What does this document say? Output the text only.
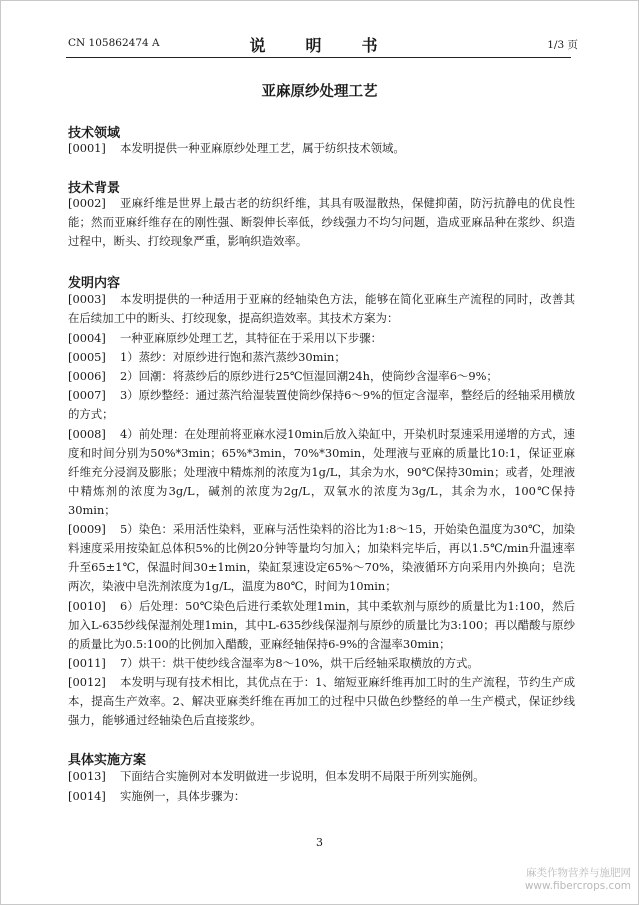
CN 105862474 A	说　明　书	1/3 页
亚麻原纱处理工艺
技术领域
[0001]	本发明提供一种亚麻原纱处理工艺，属于纺织技术领域。
技术背景
[0002]	亚麻纤维是世界上最古老的纺织纤维，其具有吸湿散热，保健抑菌，防污抗静电的优良性能；然而亚麻纤维存在的刚性强、断裂伸长率低，纱线强力不均匀问题，造成亚麻品种在浆纱、织造过程中，断头、打绞现象严重，影响织造效率。
发明内容
[0003]	本发明提供的一种适用于亚麻的经轴染色方法，能够在简化亚麻生产流程的同时，改善其在后续加工中的断头、打绞现象，提高织造效率。其技术方案为：
[0004]	一种亚麻原纱处理工艺，其特征在于采用以下步骤：
[0005]	1）蒸纱：对原纱进行饱和蒸汽蒸纱30min；
[0006]	2）回潮：将蒸纱后的原纱进行25℃恒湿回潮24h，使筒纱含湿率6～9%；
[0007]	3）原纱整经：通过蒸汽给湿装置使筒纱保持6～9%的恒定含湿率，整经后的经轴采用横放的方式；
[0008]	4）前处理：在处理前将亚麻水浸10min后放入染缸中，开染机时泵速采用递增的方式，速度和时间分别为50%*3min；65%*3min，70%*30min，处理液与亚麻的质量比10:1，保证亚麻纤维充分浸润及膨胀；处理液中精炼剂的浓度为1g/L，其余为水，90℃保持30min；或者，处理液中精炼剂的浓度为3g/L，碱剂的浓度为2g/L，双氧水的浓度为3g/L，其余为水，100℃保持30min；
[0009]	5）染色：采用活性染料，亚麻与活性染料的浴比为1:8～15，开始染色温度为30℃，加染料速度采用按染缸总体积5%的比例20分钟等量均匀加入；加染料完毕后，再以1.5℃/min升温速率升至65±1℃，保温时间30±1min，染缸泵速设定65%～70%，染液循环方向采用内外换向；皂洗两次，染液中皂洗剂浓度为1g/L，温度为80℃，时间为10min；
[0010]	6）后处理：50℃染色后进行柔软处理1min，其中柔软剂与原纱的质量比为1:100，然后加入L-635纱线保湿剂处理1min，其中L-635纱线保湿剂与原纱的质量比为3:100；再以醋酸与原纱的质量比为0.5:100的比例加入醋酸，亚麻经轴保持6-9%的含湿率30min；
[0011]	7）烘干：烘干使纱线含湿率为8～10%，烘干后经轴采取横放的方式。
[0012]	本发明与现有技术相比，其优点在于：1、缩短亚麻纤维再加工时的生产流程，节约生产成本，提高生产效率。2、解决亚麻类纤维在再加工的过程中只做色纱整经的单一生产模式，保证纱线强力，能够通过经轴染色后直接浆纱。
具体实施方案
[0013]	下面结合实施例对本发明做进一步说明，但本发明不局限于所列实施例。
[0014]	实施例一，具体步骤为：
3
麻类作物营养与施肥网
www.fibercrops.com
